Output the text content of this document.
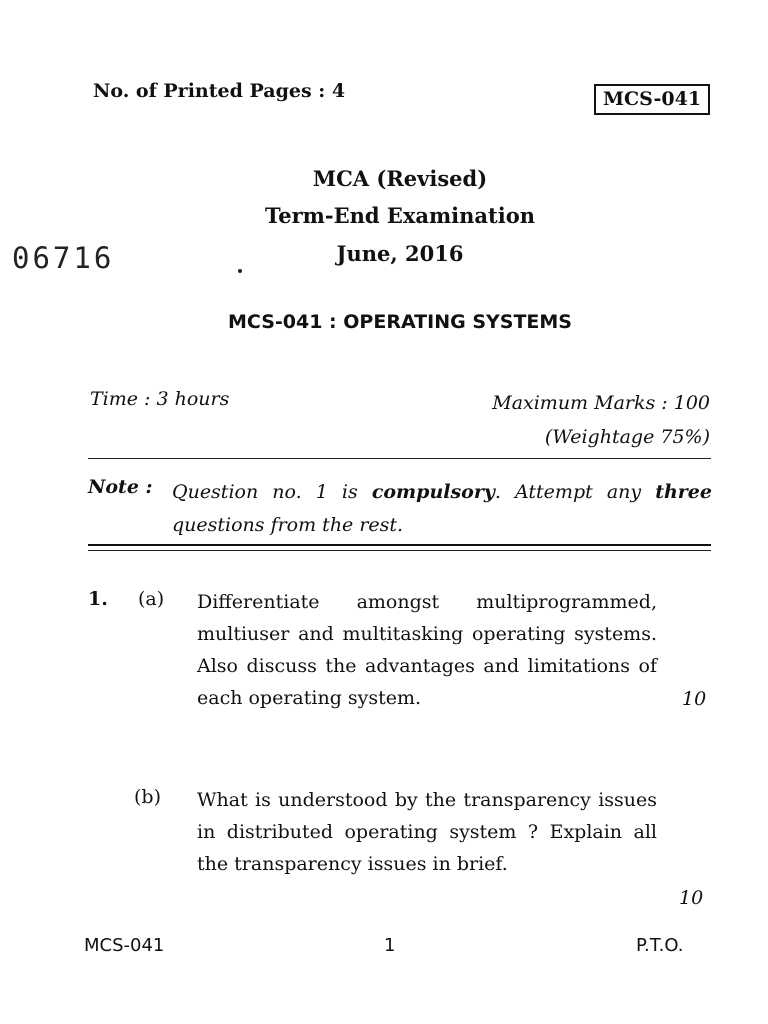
No. of Printed Pages : 4	MCS-041
MCA (Revised)
Term-End Examination
06716	June, 2016
MCS-041 : OPERATING SYSTEMS
Time : 3 hours	Maximum Marks : 100
(Weightage 75%)
Note : Question no. 1 is compulsory. Attempt any three questions from the rest.
1. (a) Differentiate amongst multiprogrammed, multiuser and multitasking operating systems. Also discuss the advantages and limitations of each operating system.	10
(b) What is understood by the transparency issues in distributed operating system ? Explain all the transparency issues in brief.
10
MCS-041	1	P.T.O.
